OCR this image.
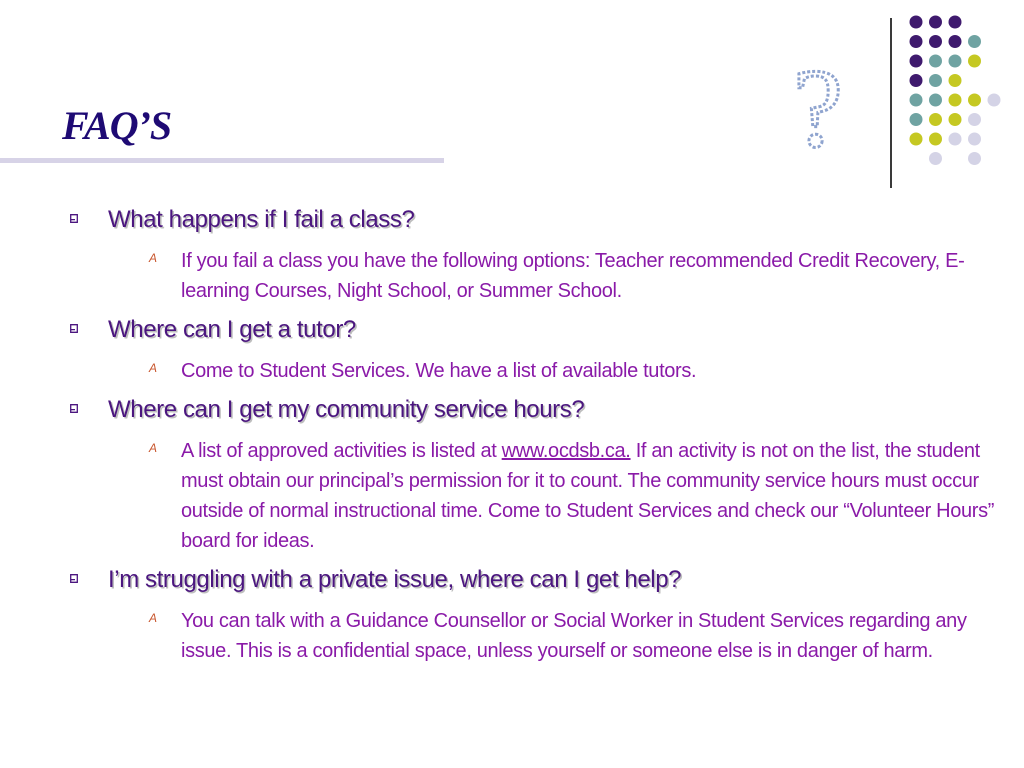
FAQ’S	?
What happens if I fail a class?
A If you fail a class you have the following options: Teacher recommended Credit Recovery, E-learning Courses, Night School, or Summer School.
Where can I get a tutor?
A Come to Student Services. We have a list of available tutors.
Where can I get my community service hours?
A A list of approved activities is listed at www.ocdsb.ca. If an activity is not on the list, the student must obtain our principal’s permission for it to count. The community service hours must occur outside of normal instructional time. Come to Student Services and check our “Volunteer Hours” board for ideas.
I’m struggling with a private issue, where can I get help?
A You can talk with a Guidance Counsellor or Social Worker in Student Services regarding any issue. This is a confidential space, unless yourself or someone else is in danger of harm.
